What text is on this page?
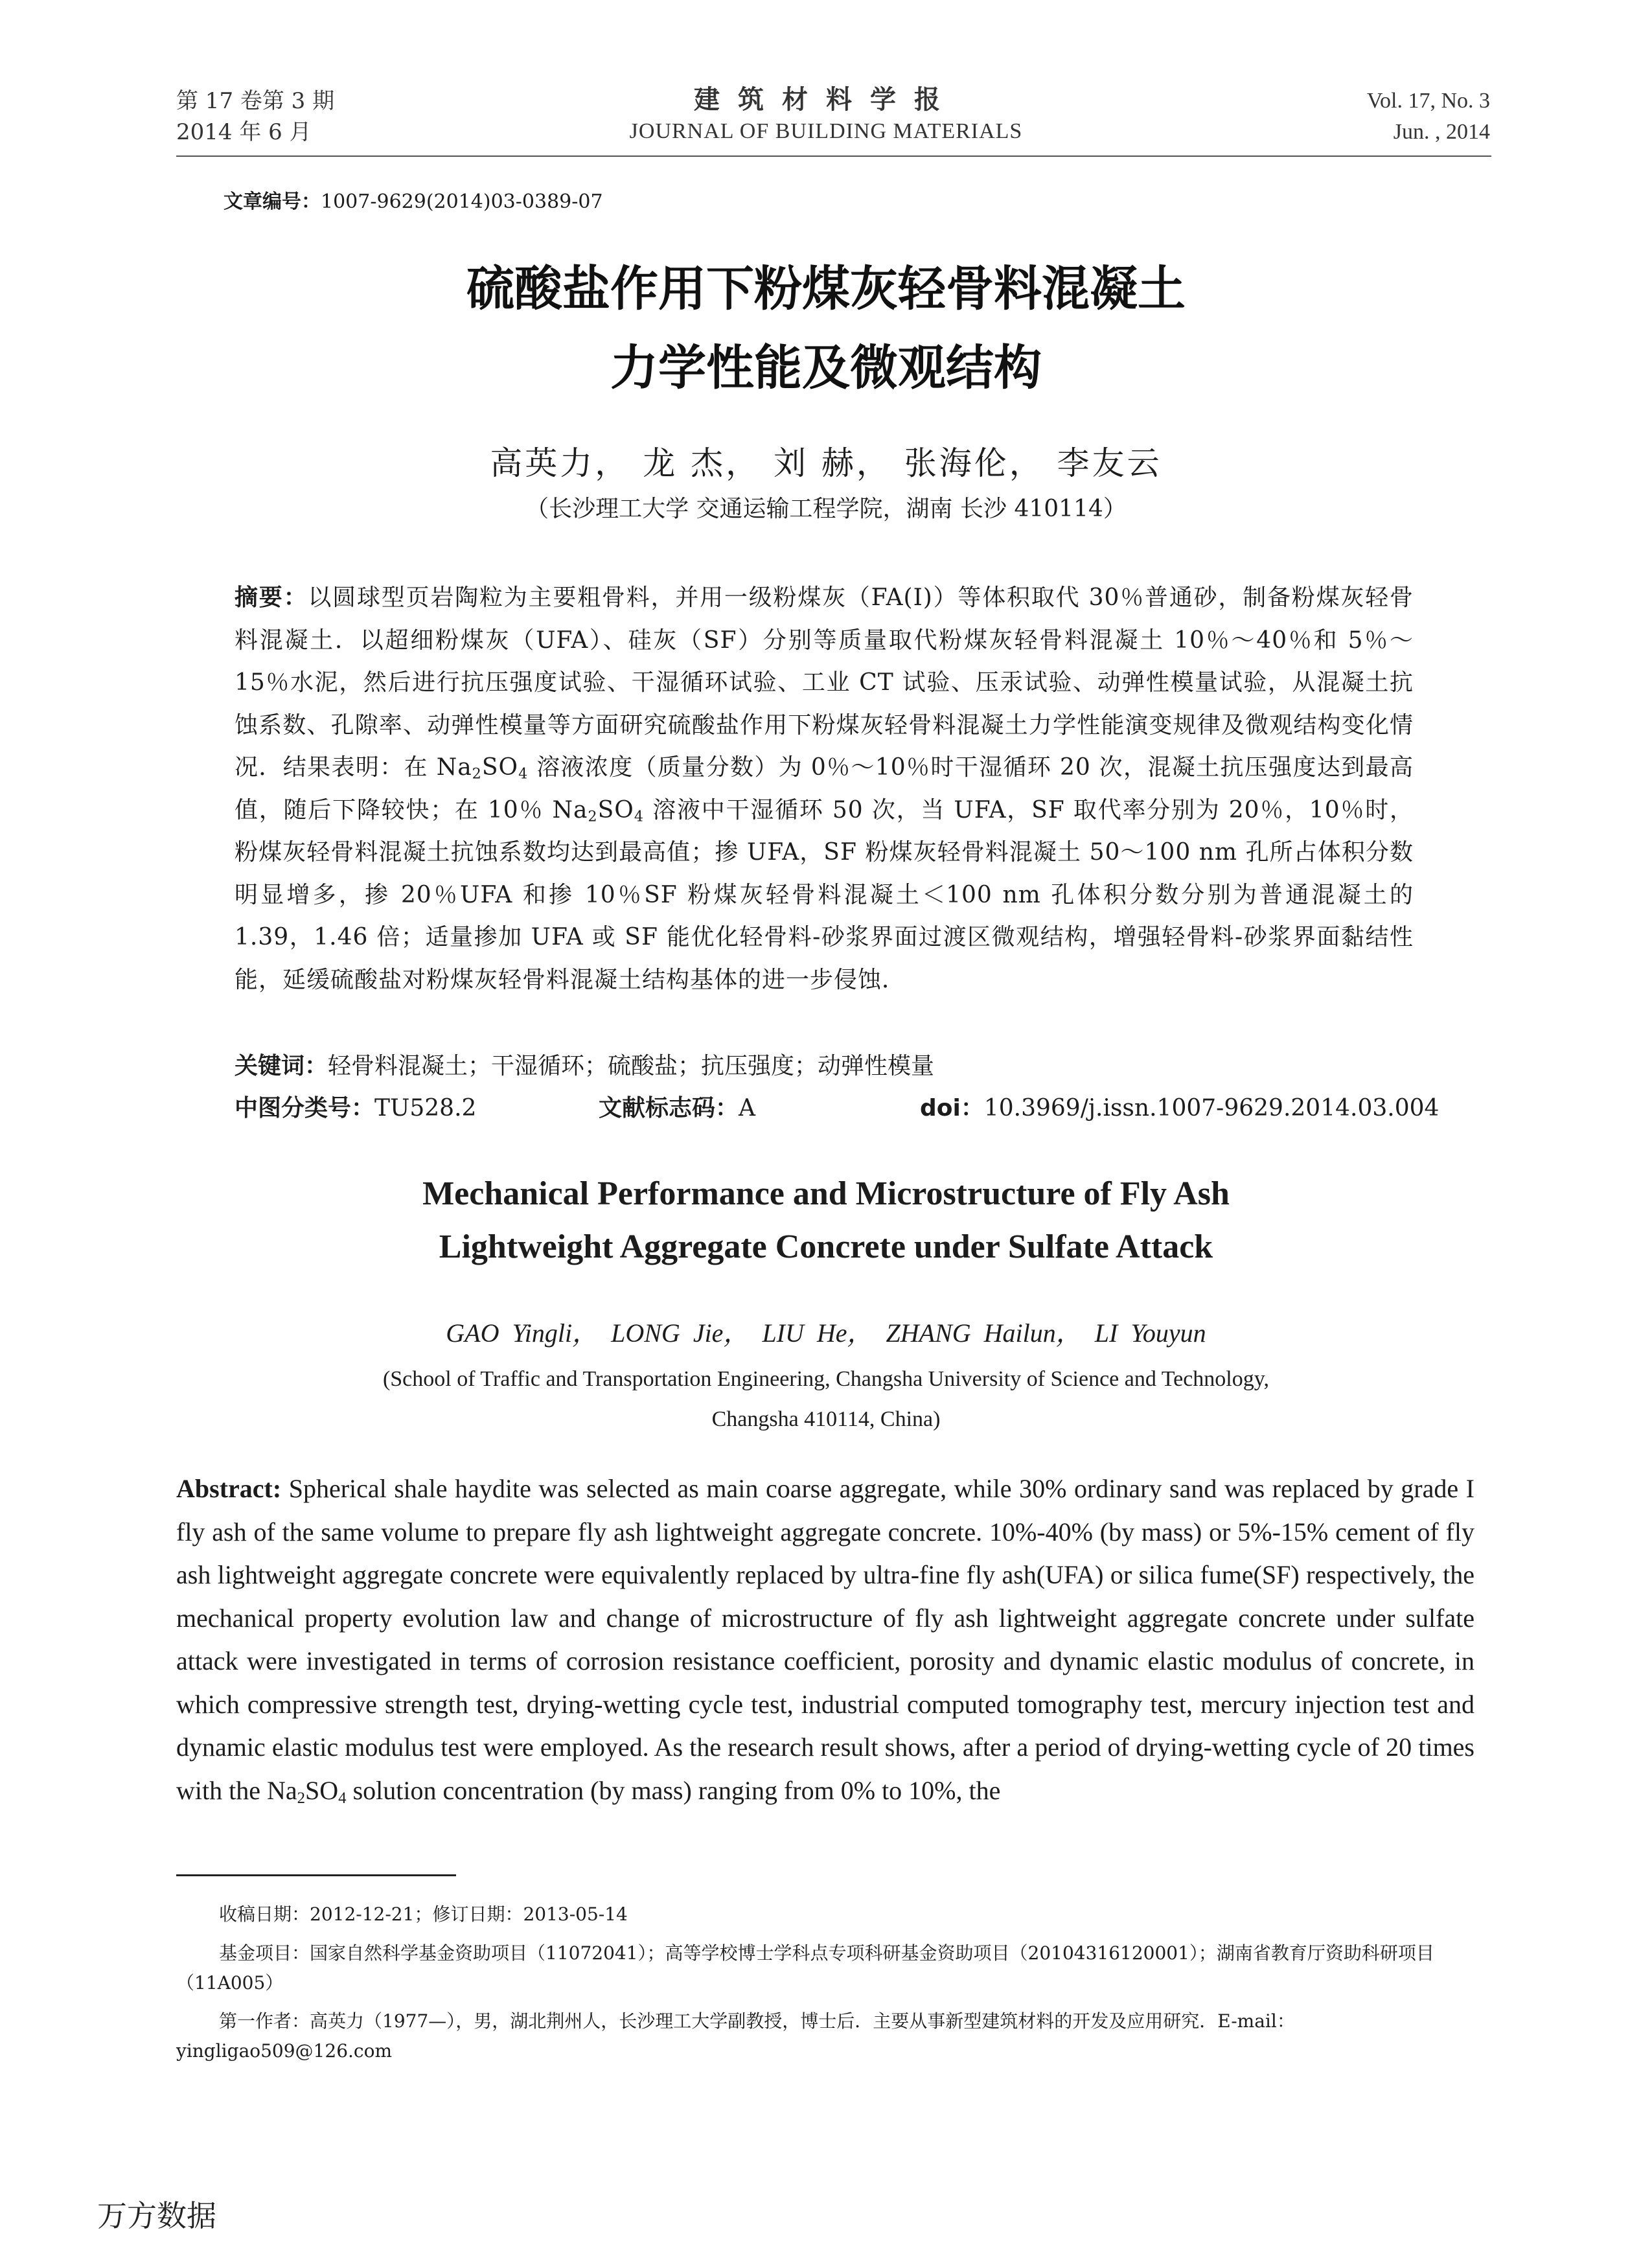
第 17 卷第 3 期
2014 年 6 月
建筑材料学报
JOURNAL OF BUILDING MATERIALS
Vol. 17, No. 3
Jun. , 2014
文章编号：1007-9629(2014)03-0389-07
硫酸盐作用下粉煤灰轻骨料混凝土
力学性能及微观结构
高英力， 龙 杰， 刘 赫， 张海伦， 李友云
（长沙理工大学 交通运输工程学院，湖南 长沙 410114）
摘要：以圆球型页岩陶粒为主要粗骨料，并用一级粉煤灰（FA(I)）等体积取代 30％普通砂，制备粉煤灰轻骨料混凝土．以超细粉煤灰（UFA）、硅灰（SF）分别等质量取代粉煤灰轻骨料混凝土 10％～40％和 5％～15％水泥，然后进行抗压强度试验、干湿循环试验、工业 CT 试验、压汞试验、动弹性模量试验，从混凝土抗蚀系数、孔隙率、动弹性模量等方面研究硫酸盐作用下粉煤灰轻骨料混凝土力学性能演变规律及微观结构变化情况．结果表明：在 $Na_2SO_4$ 溶液浓度（质量分数）为 0％～10％时干湿循环 20 次，混凝土抗压强度达到最高值，随后下降较快；在 10％ $Na_2SO_4$ 溶液中干湿循环 50 次，当 UFA，SF 取代率分别为 20％，10％时，粉煤灰轻骨料混凝土抗蚀系数均达到最高值；掺 UFA，SF 粉煤灰轻骨料混凝土 50～100 nm 孔所占体积分数明显增多，掺 20％UFA 和掺 10％SF 粉煤灰轻骨料混凝土＜100 nm 孔体积分数分别为普通混凝土的 1.39，1.46 倍；适量掺加 UFA 或 SF 能优化轻骨料-砂浆界面过渡区微观结构，增强轻骨料-砂浆界面黏结性能，延缓硫酸盐对粉煤灰轻骨料混凝土结构基体的进一步侵蚀．
关键词：轻骨料混凝土；干湿循环；硫酸盐；抗压强度；动弹性模量
中图分类号：TU528.2	文献标志码：A	doi：10.3969/j.issn.1007-9629.2014.03.004
Mechanical Performance and Microstructure of Fly Ash
Lightweight Aggregate Concrete under Sulfate Attack
GAO Yingli， LONG Jie， LIU He， ZHANG Hailun， LI Youyun
(School of Traffic and Transportation Engineering, Changsha University of Science and Technology,
Changsha 410114, China)
Abstract: Spherical shale haydite was selected as main coarse aggregate, while 30% ordinary sand was replaced by grade I fly ash of the same volume to prepare fly ash lightweight aggregate concrete. 10%-40% (by mass) or 5%-15% cement of fly ash lightweight aggregate concrete were equivalently replaced by ultra-fine fly ash(UFA) or silica fume(SF) respectively, the mechanical property evolution law and change of microstructure of fly ash lightweight aggregate concrete under sulfate attack were investigated in terms of corrosion resistance coefficient, porosity and dynamic elastic modulus of concrete, in which compressive strength test, drying-wetting cycle test, industrial computed tomography test, mercury injection test and dynamic elastic modulus test were employed. As the research result shows, after a period of drying-wetting cycle of 20 times with the $Na_2SO_4$ solution concentration (by mass) ranging from 0% to 10%, the
收稿日期：2012-12-21；修订日期：2013-05-14
基金项目：国家自然科学基金资助项目（11072041）；高等学校博士学科点专项科研基金资助项目（20104316120001）；湖南省教育厅资助科研项目（11A005）
第一作者：高英力（1977—），男，湖北荆州人，长沙理工大学副教授，博士后．主要从事新型建筑材料的开发及应用研究．E-mail：yingligao509@126.com
万方数据
